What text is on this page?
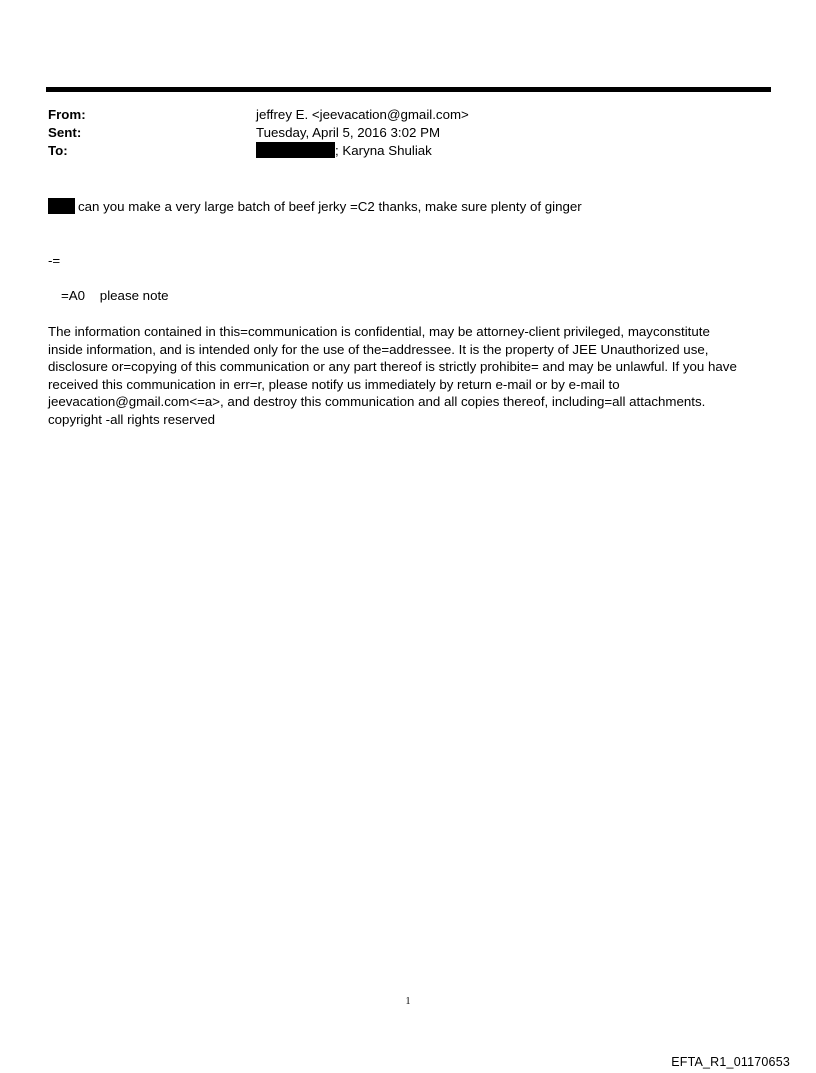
From:	jeffrey E. <jeevacation@gmail.com>
Sent:	Tuesday, April 5, 2016 3:02 PM
To:	; Karyna Shuliak
can you make a very large batch of beef jerky =C2 thanks, make sure plenty of ginger
-=
=A0    please note
The information contained in this=communication is confidential, may be attorney-client privileged, mayconstitute
inside information, and is intended only for the use of the=addressee. It is the property of JEE Unauthorized use,
disclosure or=copying of this communication or any part thereof is strictly prohibite= and may be unlawful. If you have
received this communication in err=r, please notify us immediately by return e-mail or by e-mail to
jeevacation@gmail.com<=a>, and destroy this communication and all copies thereof, including=all attachments.
copyright -all rights reserved
1
EFTA_R1_01170653
